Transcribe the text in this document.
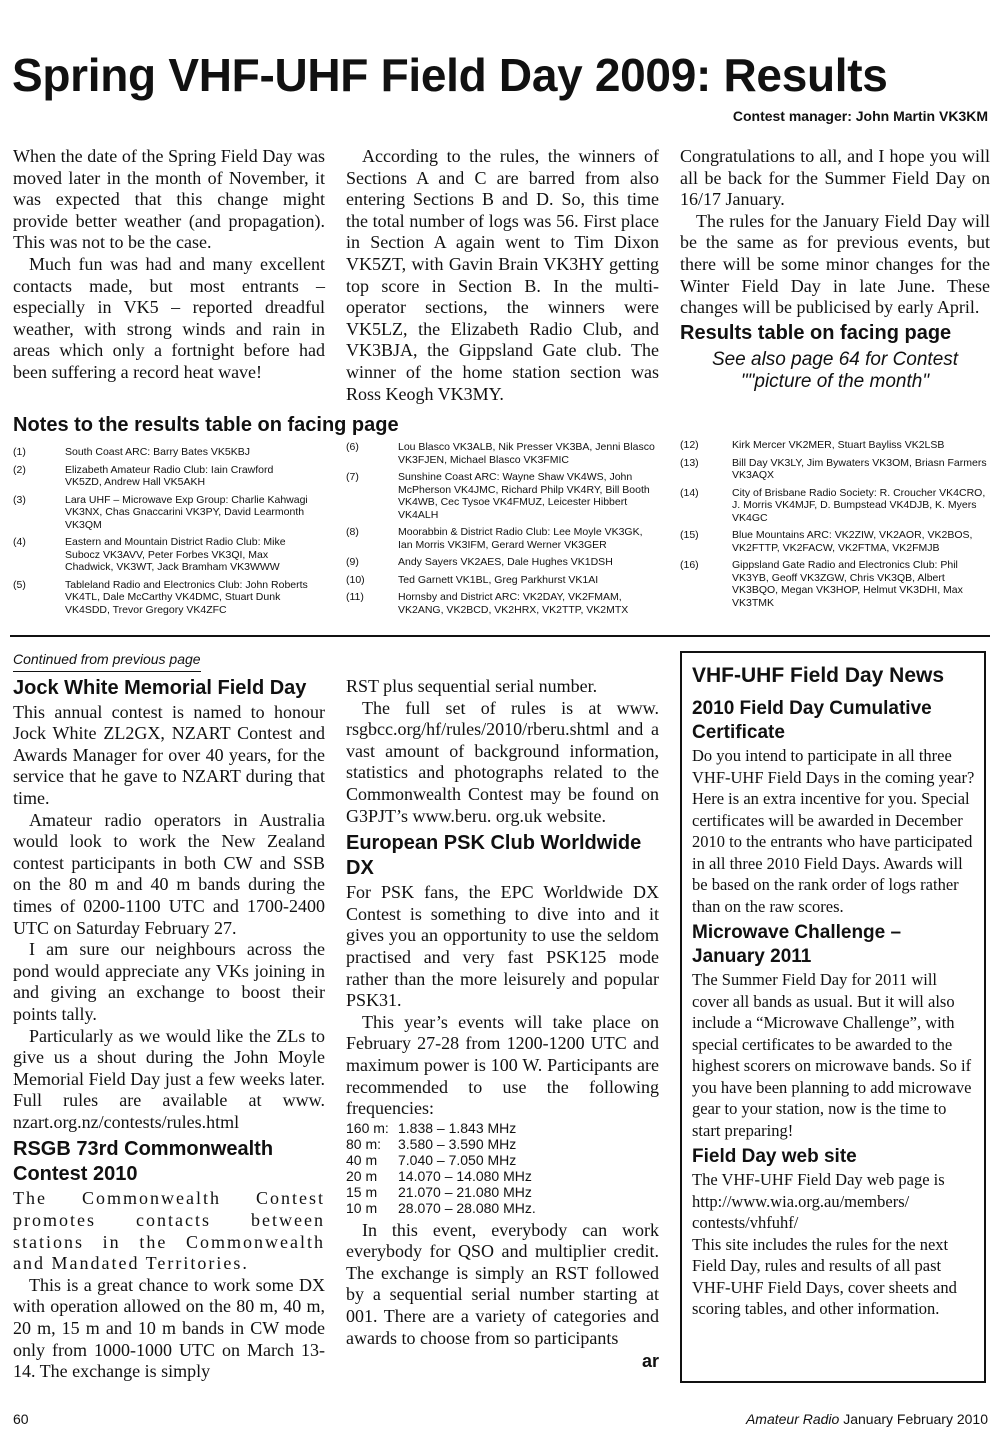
Spring VHF-UHF Field Day 2009: Results
Contest manager: John Martin VK3KM

When the date of the Spring Field Day was moved later in the month of November, it was expected that this change might provide better weather (and propagation). This was not to be the case.

Much fun was had and many excellent contacts made, but most entrants – especially in VK5 – reported dreadful weather, with strong winds and rain in areas which only a fortnight before had been suffering a record heat wave!

According to the rules, the winners of Sections A and C are barred from also entering Sections B and D. So, this time the total number of logs was 56. First place in Section A again went to Tim Dixon VK5ZT, with Gavin Brain VK3HY getting top score in Section B. In the multi-operator sections, the winners were VK5LZ, the Elizabeth Radio Club, and VK3BJA, the Gippsland Gate club. The winner of the home station section was Ross Keogh VK3MY.

Congratulations to all, and I hope you will all be back for the Summer Field Day on 16/17 January.

The rules for the January Field Day will be the same as for previous events, but there will be some minor changes for the Winter Field Day in late June. These changes will be publicised by early April.

Results table on facing page
See also page 64 for Contest ""picture of the month"
Notes to the results table on facing page
(1)	South Coast ARC: Barry Bates VK5KBJ
(2)	Elizabeth Amateur Radio Club: Iain Crawford VK5ZD, Andrew Hall VK5AKH
(3)	Lara UHF – Microwave Exp Group: Charlie Kahwagi VK3NX, Chas Gnaccarini VK3PY, David Learmonth VK3QM
(4)	Eastern and Mountain District Radio Club: Mike Subocz VK3AVV, Peter Forbes VK3QI, Max Chadwick, VK3WT, Jack Bramham VK3WWW
(5)	Tableland Radio and Electronics Club: John Roberts VK4TL, Dale McCarthy VK4DMC, Stuart Dunk VK4SDD, Trevor Gregory VK4ZFC
(6)	Lou Blasco VK3ALB, Nik Presser VK3BA, Jenni Blasco VK3FJEN, Michael Blasco VK3FMIC
(7)	Sunshine Coast ARC: Wayne Shaw VK4WS, John McPherson VK4JMC, Richard Philp VK4RY, Bill Booth VK4WB, Cec Tysoe VK4FMUZ, Leicester Hibbert VK4ALH
(8)	Moorabbin & District Radio Club: Lee Moyle VK3GK, Ian Morris VK3IFM, Gerard Werner VK3GER
(9)	Andy Sayers VK2AES, Dale Hughes VK1DSH
(10)	Ted Garnett VK1BL, Greg Parkhurst VK1AI
(11)	Hornsby and District ARC: VK2DAY, VK2FMAM, VK2ANG, VK2BCD, VK2HRX, VK2TTP, VK2MTX
(12)	Kirk Mercer VK2MER, Stuart Bayliss VK2LSB
(13)	Bill Day VK3LY, Jim Bywaters VK3OM, Briasn Farmers VK3AQX
(14)	City of Brisbane Radio Society: R. Croucher VK4CRO, J. Morris VK4MJF, D. Bumpstead VK4DJB, K. Myers VK4GC
(15)	Blue Mountains ARC: VK2ZIW, VK2AOR, VK2BOS, VK2FTTP, VK2FACW, VK2FTMA, VK2FMJB
(16)	Gippsland Gate Radio and Electronics Club: Phil VK3YB, Geoff VK3ZGW, Chris VK3QB, Albert VK3BQO, Megan VK3HOP, Helmut VK3DHI, Max VK3TMK
Continued from previous page
Jock White Memorial Field Day

This annual contest is named to honour Jock White ZL2GX, NZART Contest and Awards Manager for over 40 years, for the service that he gave to NZART during that time.

Amateur radio operators in Australia would look to work the New Zealand contest participants in both CW and SSB on the 80 m and 40 m bands during the times of 0200-1100 UTC and 1700-2400 UTC on Saturday February 27.

I am sure our neighbours across the pond would appreciate any VKs joining in and giving an exchange to boost their points tally.

Particularly as we would like the ZLs to give us a shout during the John Moyle Memorial Field Day just a few weeks later. Full rules are available at www. nzart.org.nz/contests/rules.html

RSGB 73rd Commonwealth Contest 2010

The Commonwealth Contest promotes contacts between stations in the Commonwealth and Mandated Territories.

This is a great chance to work some DX with operation allowed on the 80 m, 40 m, 20 m, 15 m and 10 m bands in CW mode only from 1000-1000 UTC on March 13-14. The exchange is simply

RST plus sequential serial number.

The full set of rules is at www. rsgbcc.org/hf/rules/2010/rberu.shtml and a vast amount of background information, statistics and photographs related to the Commonwealth Contest may be found on G3PJT’s www.beru. org.uk website.

European PSK Club Worldwide DX

For PSK fans, the EPC Worldwide DX Contest is something to dive into and it gives you an opportunity to use the seldom practised and very fast PSK125 mode rather than the more leisurely and popular PSK31.

This year’s events will take place on February 27-28 from 1200-1200 UTC and maximum power is 100 W. Participants are recommended to use the following frequencies:

160 m:	1.838 – 1.843 MHz
80 m:	3.580 – 3.590 MHz
40 m	7.040 – 7.050 MHz
20 m	14.070 – 14.080 MHz
15 m	21.070 – 21.080 MHz
10 m	28.070 – 28.080 MHz.

In this event, everybody can work everybody for QSO and multiplier credit. The exchange is simply an RST followed by a sequential serial number starting at 001. There are a variety of categories and awards to choose from so participants

ar
VHF-UHF Field Day News
2010 Field Day Cumulative Certificate

Do you intend to participate in all three VHF-UHF Field Days in the coming year? Here is an extra incentive for you. Special certificates will be awarded in December 2010 to the entrants who have participated in all three 2010 Field Days. Awards will be based on the rank order of logs rather than on the raw scores.

Microwave Challenge – January 2011

The Summer Field Day for 2011 will cover all bands as usual. But it will also include a “Microwave Challenge”, with special certificates to be awarded to the highest scorers on microwave bands. So if you have been planning to add microwave gear to your station, now is the time to start preparing!

Field Day web site

The VHF-UHF Field Day web page is http://www.wia.org.au/members/ contests/vhfuhf/

This site includes the rules for the next Field Day, rules and results of all past VHF-UHF Field Days, cover sheets and scoring tables, and other information.

60	Amateur Radio January February 2010
